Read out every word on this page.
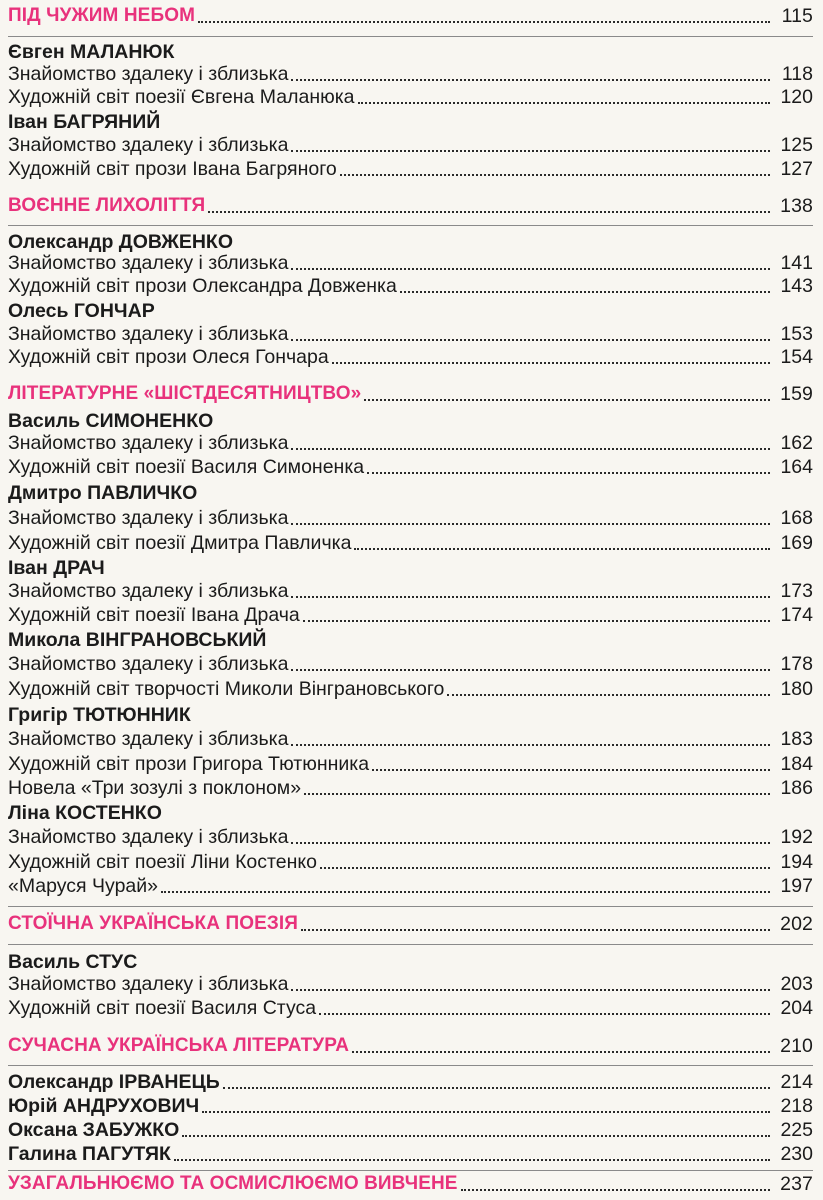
ПІД ЧУЖИМ НЕБОМ	115
Євген МАЛАНЮК
Знайомство здалеку і зблизька	118
Художній світ поезії Євгена Маланюка	120
Іван БАГРЯНИЙ
Знайомство здалеку і зблизька	125
Художній світ прози Івана Багряного	127
ВОЄННЕ ЛИХОЛІТТЯ	138
Олександр ДОВЖЕНКО
Знайомство здалеку і зблизька	141
Художній світ прози Олександра Довженка	143
Олесь ГОНЧАР
Знайомство здалеку і зблизька	153
Художній світ прози Олеся Гончара	154
ЛІТЕРАТУРНЕ «ШІСТДЕСЯТНИЦТВО»	159
Василь СИМОНЕНКО
Знайомство здалеку і зблизька	162
Художній світ поезії Василя Симоненка	164
Дмитро ПАВЛИЧКО
Знайомство здалеку і зблизька	168
Художній світ поезії Дмитра Павличка	169
Іван ДРАЧ
Знайомство здалеку і зблизька	173
Художній світ поезії Івана Драча	174
Микола ВІНГРАНОВСЬКИЙ
Знайомство здалеку і зблизька	178
Художній світ творчості Миколи Вінграновського	180
Григір ТЮТЮННИК
Знайомство здалеку і зблизька	183
Художній світ прози Григора Тютюнника	184
Новела «Три зозулі з поклоном»	186
Ліна КОСТЕНКО
Знайомство здалеку і зблизька	192
Художній світ поезії Ліни Костенко	194
«Маруся Чурай»	197
СТОЇЧНА УКРАЇНСЬКА ПОЕЗІЯ	202
Василь СТУС
Знайомство здалеку і зблизька	203
Художній світ поезії Василя Стуса	204
СУЧАСНА УКРАЇНСЬКА ЛІТЕРАТУРА	210
Олександр ІРВАНЕЦЬ	214
Юрій АНДРУХОВИЧ	218
Оксана ЗАБУЖКО	225
Галина ПАГУТЯК	230
УЗАГАЛЬНЮЄМО ТА ОСМИСЛЮЄМО ВИВЧЕНЕ	237
